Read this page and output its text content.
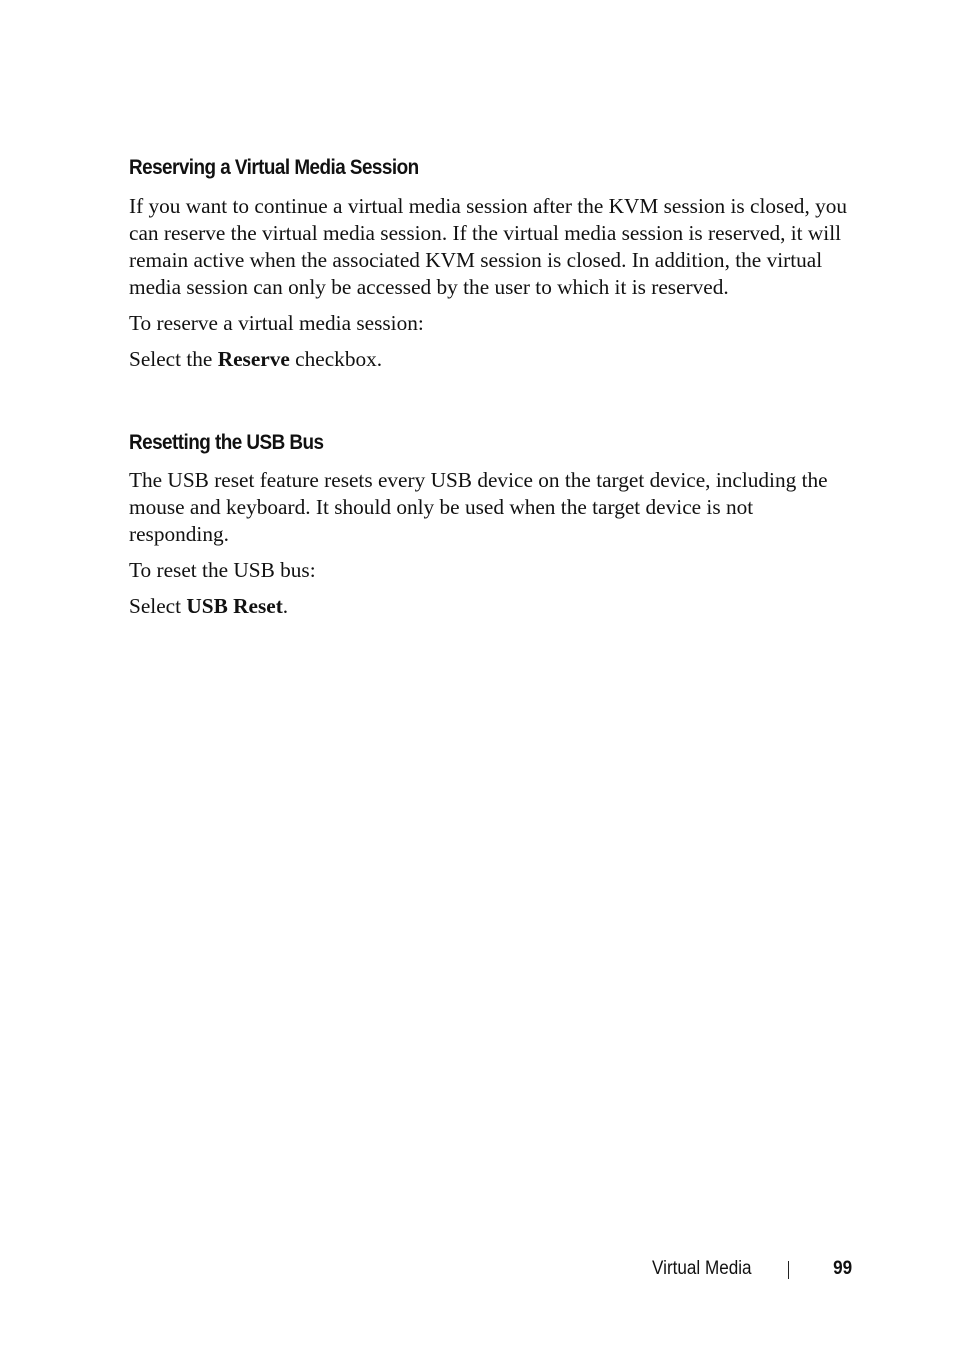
Reserving a Virtual Media Session

If you want to continue a virtual media session after the KVM session is closed, you can reserve the virtual media session. If the virtual media session is reserved, it will remain active when the associated KVM session is closed. In addition, the virtual media session can only be accessed by the user to which it is reserved.

To reserve a virtual media session:

Select the Reserve checkbox.

Resetting the USB Bus

The USB reset feature resets every USB device on the target device, including the mouse and keyboard. It should only be used when the target device is not responding.

To reset the USB bus:

Select USB Reset.

Virtual Media	99
